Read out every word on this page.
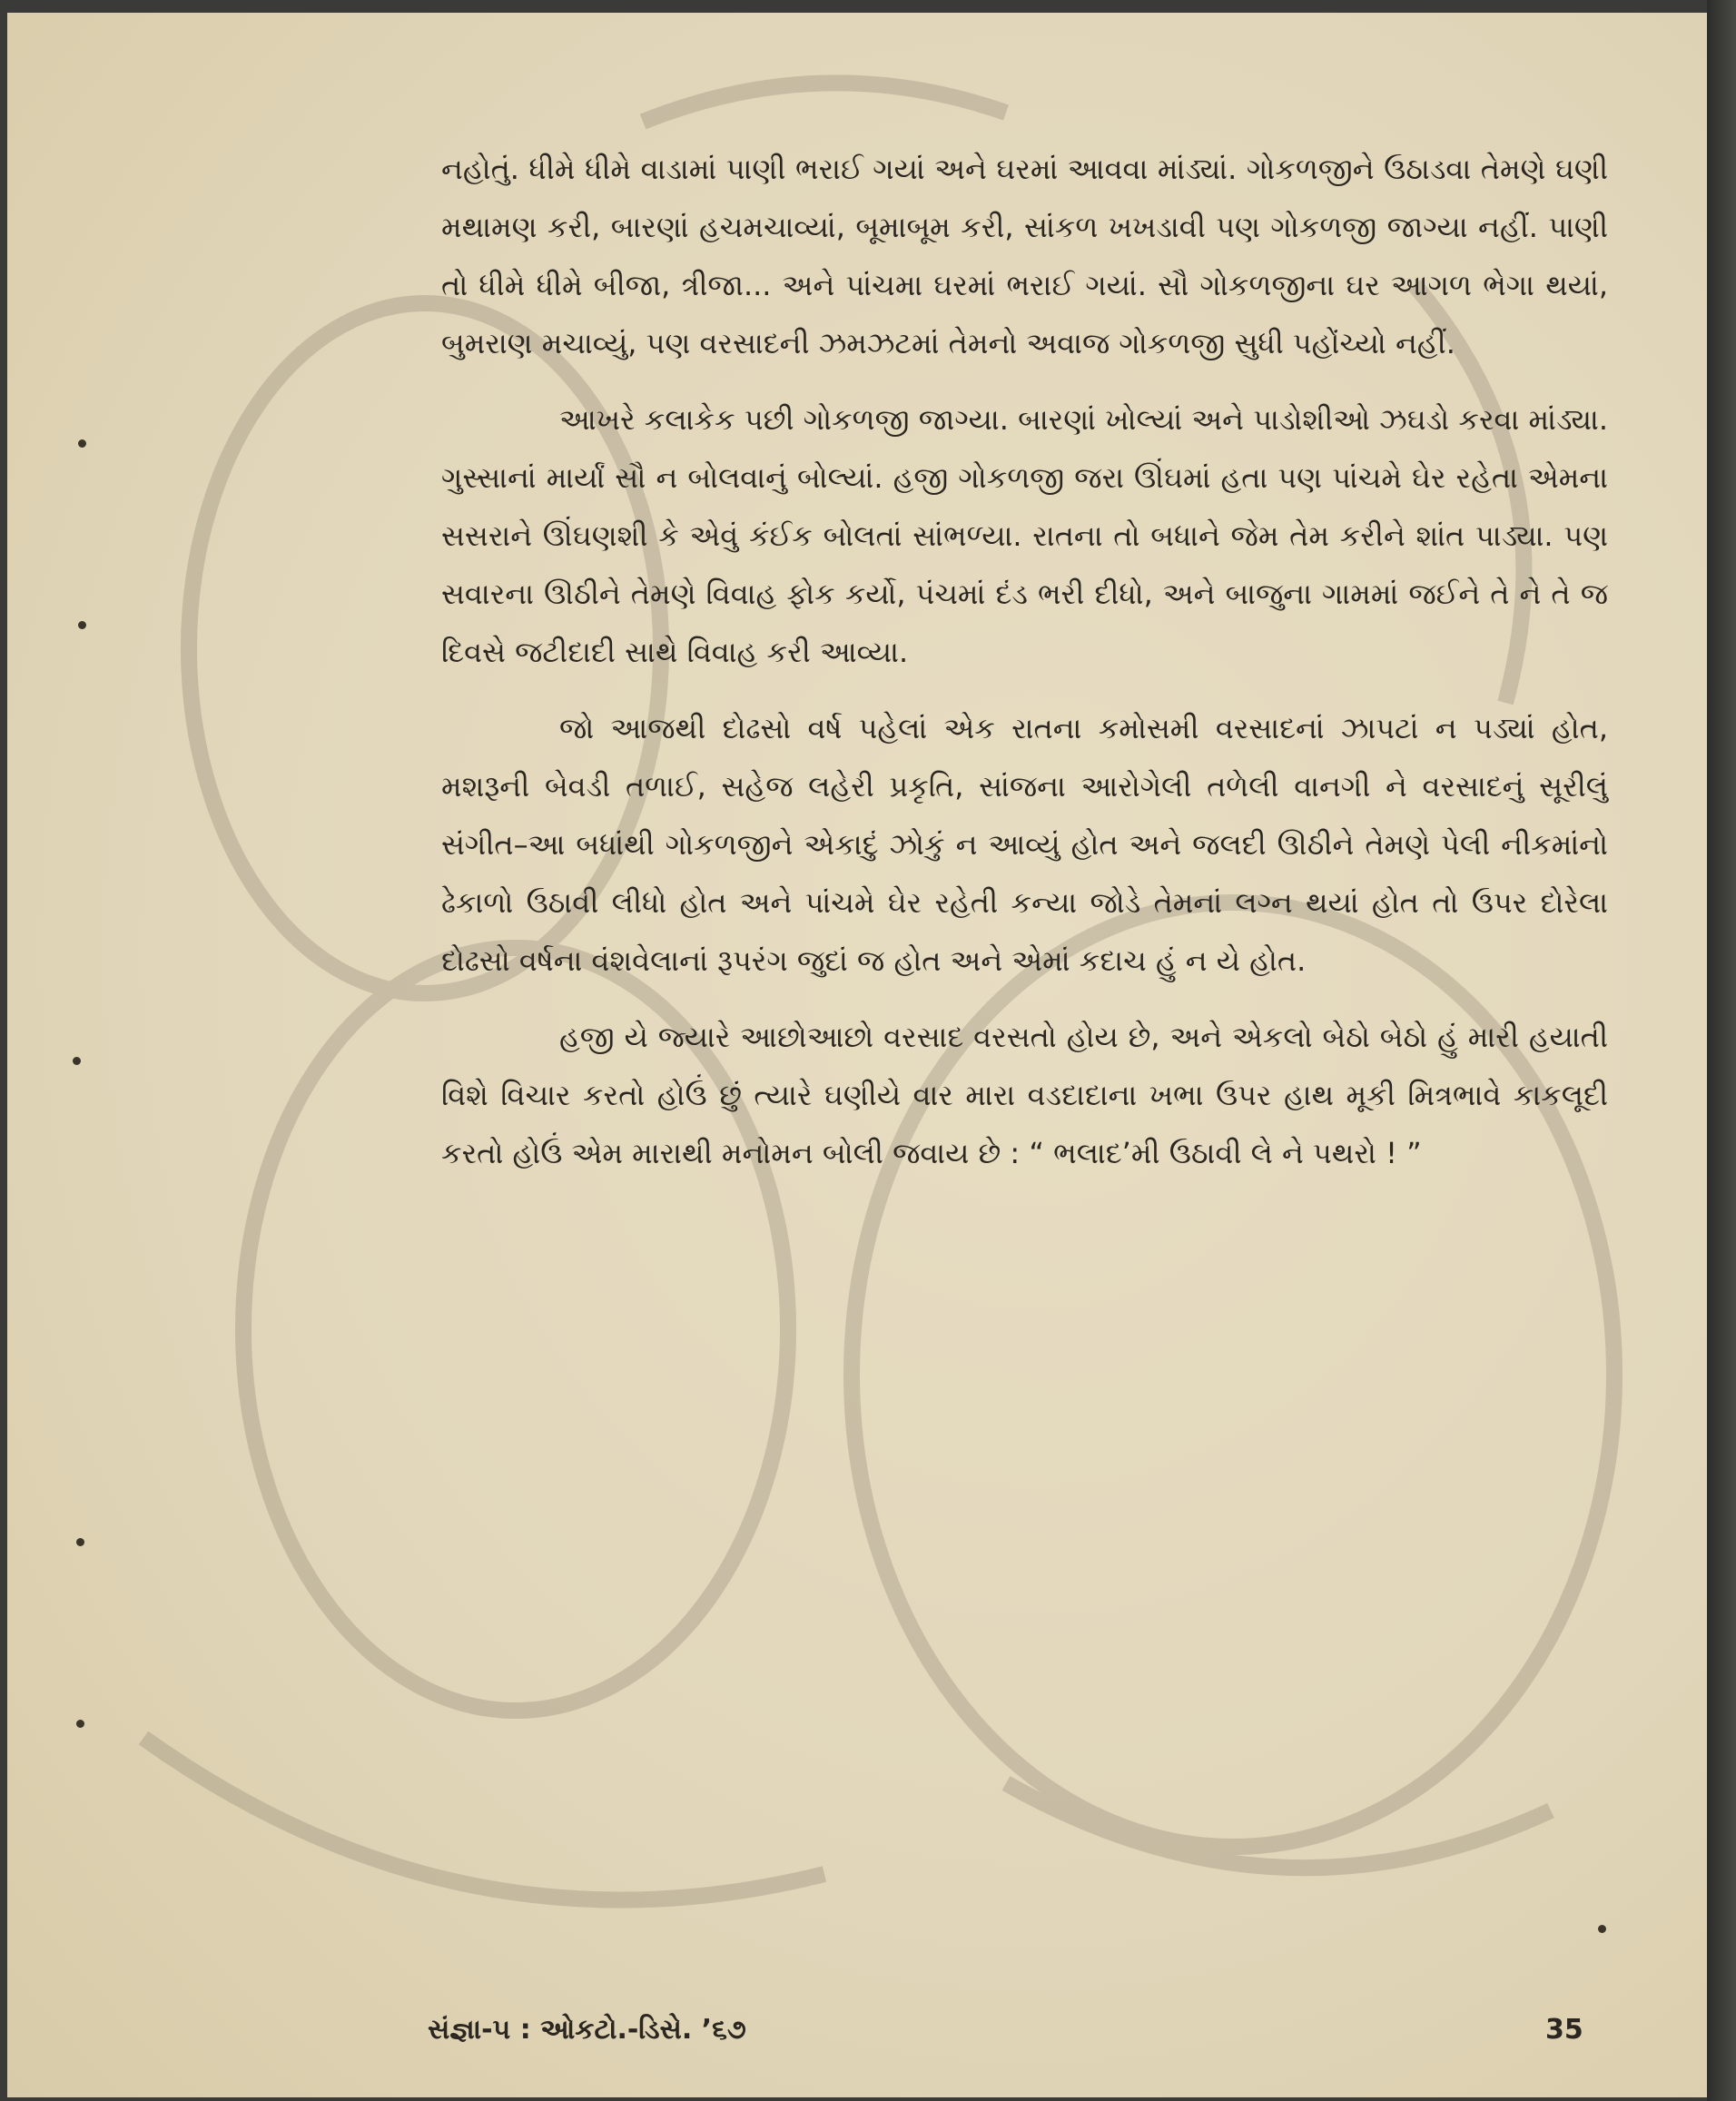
નહોતું. ધીમે ધીમે વાડામાં પાણી ભરાઈ ગયાં અને ઘરમાં આવવા માંડ્યાં. ગોકળજીને ઉઠાડવા તેમણે ઘણી મથામણ કરી, બારણાં હચમચાવ્યાં, બૂમાબૂમ કરી, સાંકળ ખખડાવી પણ ગોકળજી જાગ્યા નહીં. પાણી તો ધીમે ધીમે બીજા, ત્રીજા... અને પાંચમા ઘરમાં ભરાઈ ગયાં. સૌ ગોકળજીના ઘર આગળ ભેગા થયાં, બુમરાણ મચાવ્યું, પણ વરસાદની ઝમઝટમાં તેમનો અવાજ ગોકળજી સુધી પહોંચ્યો નહીં.

આખરે કલાકેક પછી ગોકળજી જાગ્યા. બારણાં ખોલ્યાં અને પાડોશીઓ ઝઘડો કરવા માંડ્યા. ગુસ્સાનાં માર્યાં સૌ ન બોલવાનું બોલ્યાં. હજી ગોકળજી જરા ઊંઘમાં હતા પણ પાંચમે ઘેર રહેતા એમના સસરાને ઊંઘણશી કે એવું કંઈક બોલતાં સાંભળ્યા. રાતના તો બધાને જેમ તેમ કરીને શાંત પાડ્યા. પણ સવારના ઊઠીને તેમણે વિવાહ ફોક કર્યો, પંચમાં દંડ ભરી દીધો, અને બાજુના ગામમાં જઈને તે ને તે જ દિવસે જટીદાદી સાથે વિવાહ કરી આવ્યા.

જો આજથી દોઢસો વર્ષ પહેલાં એક રાતના કમોસમી વરસાદનાં ઝાપટાં ન પડ્યાં હોત, મશરૂની બેવડી તળાઈ, સહેજ લહેરી પ્રકૃતિ, સાંજના આરોગેલી તળેલી વાનગી ને વરસાદનું સૂરીલું સંગીત–આ બધાંથી ગોકળજીને એકાદું ઝોકું ન આવ્યું હોત અને જલદી ઊઠીને તેમણે પેલી નીકમાંનો ઢેકાળો ઉઠાવી લીધો હોત અને પાંચમે ઘેર રહેતી કન્યા જોડે તેમનાં લગ્ન થયાં હોત તો ઉપર દોરેલા દોઢસો વર્ષના વંશવેલાનાં રૂપરંગ જુદાં જ હોત અને એમાં કદાચ હું ન યે હોત.

હજી યે જ્યારે આછોઆછો વરસાદ વરસતો હોય છે, અને એકલો બેઠો બેઠો હું મારી હયાતી વિશે વિચાર કરતો હોઉં છું ત્યારે ઘણીયે વાર મારા વડદાદાના ખભા ઉપર હાથ મૂકી મિત્રભાવે કાકલૂદી કરતો હોઉં એમ મારાથી મનોમન બોલી જવાય છે : “ ભલાદ’મી ઉઠાવી લે ને પથરો ! ”

સંજ્ઞા-૫ : ઓકટો.-ડિસે. ’૬૭	35
